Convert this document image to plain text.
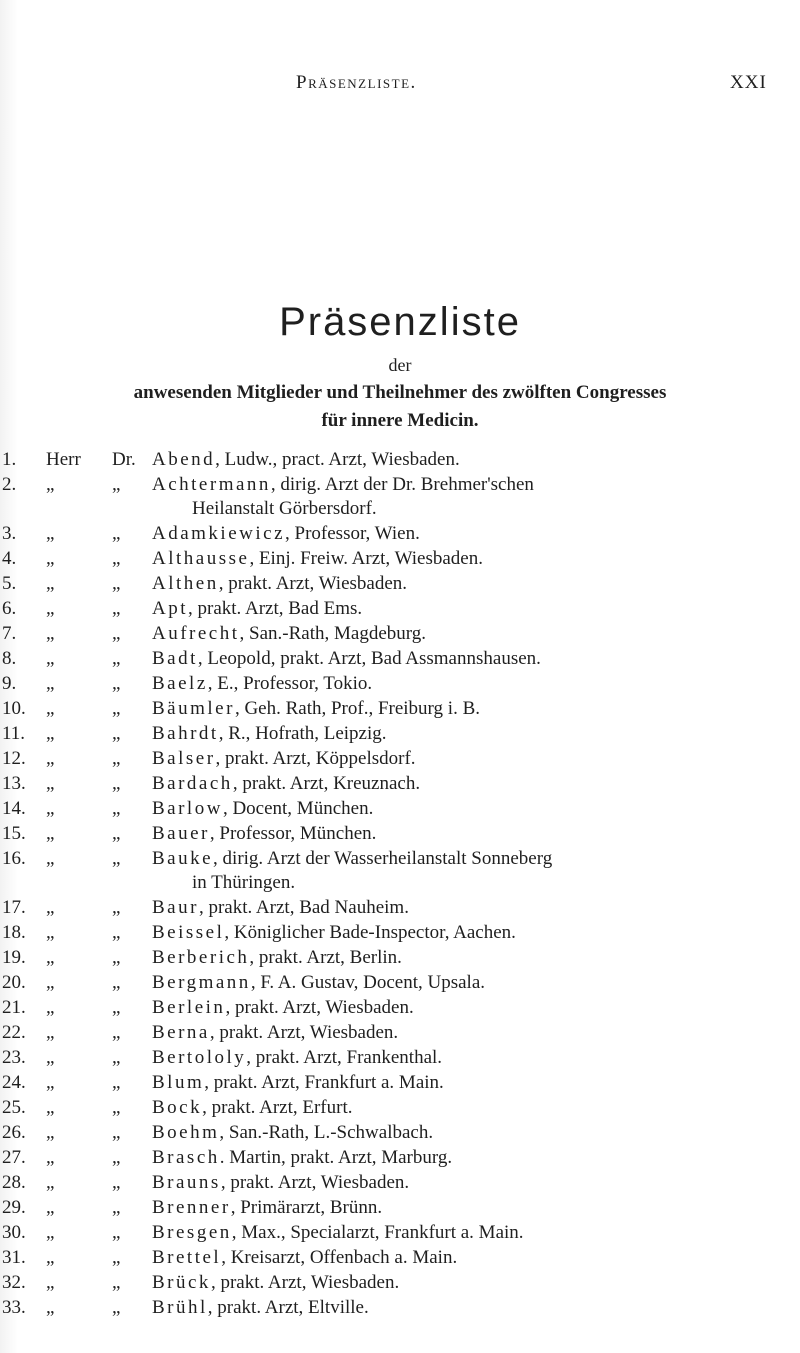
Präsenzliste.	XXI
Präsenzliste
der
anwesenden Mitglieder und Theilnehmer des zwölften Congresses
für innere Medicin.
1.	Herr	Dr. Abend, Ludw., pract. Arzt, Wiesbaden.
2.	„	„	Achtermann, dirig. Arzt der Dr. Brehmer'schen
Heilanstalt Görbersdorf.
3.	„	„	Adamkiewicz, Professor, Wien.
4.	„	„	Althausse, Einj. Freiw. Arzt, Wiesbaden.
5.	„	„	Althen, prakt. Arzt, Wiesbaden.
6.	„	„	Apt, prakt. Arzt, Bad Ems.
7.	„	„	Aufrecht, San.-Rath, Magdeburg.
8.	„	„	Badt, Leopold, prakt. Arzt, Bad Assmannshausen.
9.	„	„	Baelz, E., Professor, Tokio.
10.	„	„	Bäumler, Geh. Rath, Prof., Freiburg i. B.
11.	„	„	Bahrdt, R., Hofrath, Leipzig.
12.	„	„	Balser, prakt. Arzt, Köppelsdorf.
13.	„	„	Bardach, prakt. Arzt, Kreuznach.
14.	„	„	Barlow, Docent, München.
15.	„	„	Bauer, Professor, München.
16.	„	„	Bauke, dirig. Arzt der Wasserheilanstalt Sonneberg
in Thüringen.
17.	„	„	Baur, prakt. Arzt, Bad Nauheim.
18.	„	„	Beissel, Königlicher Bade-Inspector, Aachen.
19.	„	„	Berberich, prakt. Arzt, Berlin.
20.	„	„	Bergmann, F. A. Gustav, Docent, Upsala.
21.	„	„	Berlein, prakt. Arzt, Wiesbaden.
22.	„	„	Berna, prakt. Arzt, Wiesbaden.
23.	„	„	Bertololy, prakt. Arzt, Frankenthal.
24.	„	„	Blum, prakt. Arzt, Frankfurt a. Main.
25.	„	„	Bock, prakt. Arzt, Erfurt.
26.	„	„	Boehm, San.-Rath, L.-Schwalbach.
27.	„	„	Brasch. Martin, prakt. Arzt, Marburg.
28.	„	„	Brauns, prakt. Arzt, Wiesbaden.
29.	„	„	Brenner, Primärarzt, Brünn.
30.	„	„	Bresgen, Max., Specialarzt, Frankfurt a. Main.
31.	„	„	Brettel, Kreisarzt, Offenbach a. Main.
32.	„	„	Brück, prakt. Arzt, Wiesbaden.
33.	„	„	Brühl, prakt. Arzt, Eltville.
